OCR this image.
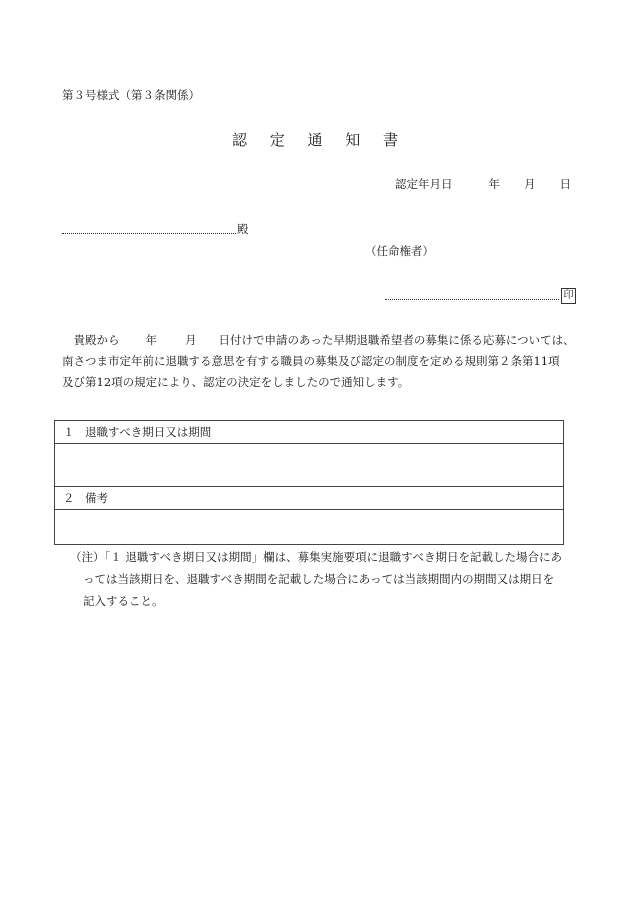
第３号様式（第３条関係）
認 定 通 知 書
認定年月日	年 月 日
殿
（任命権者）
印
　貴殿から 年 月 日付けで申請のあった早期退職希望者の募集に係る応募については、
南さつま市定年前に退職する意思を有する職員の募集及び認定の制度を定める規則第２条第11項
及び第12項の規定により、認定の決定をしましたので通知します。
１ 退職すべき期日又は期間

２ 備考

（注）「１ 退職すべき期日又は期間」欄は、募集実施要項に退職すべき期日を記載した場合にあ
っては当該期日を、退職すべき期間を記載した場合にあっては当該期間内の期間又は期日を
記入すること。
